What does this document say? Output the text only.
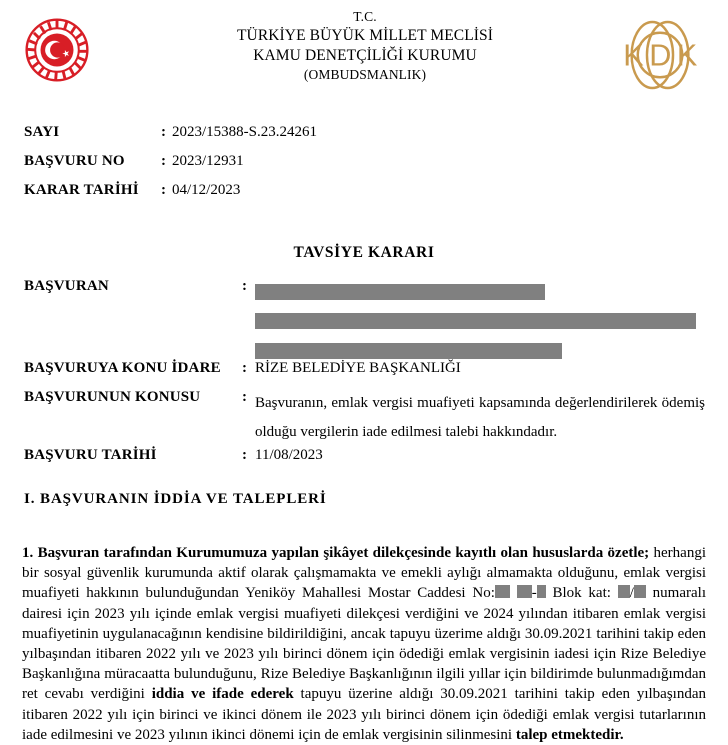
T.C.
TÜRKİYE BÜYÜK MİLLET MECLİSİ
KAMU DENETÇİLİĞİ KURUMU
(OMBUDSMANLIK)
K D K
SAYI	: 2023/15388-S.23.24261
BAŞVURU NO : 2023/12931
KARAR TARİHİ : 04/12/2023
TAVSİYE KARARI
BAŞVURAN	:
BAŞVURUYA KONU İDARE : RİZE BELEDİYE BAŞKANLIĞI
BAŞVURUNUN KONUSU	: Başvuranın, emlak vergisi muafiyeti kapsamında değerlendirilerek ödemiş olduğu vergilerin iade edilmesi talebi hakkındadır.
BAŞVURU TARİHİ	: 11/08/2023
I. BAŞVURANIN İDDİA VE TALEPLERİ

1. Başvuran tarafından Kurumumuza yapılan şikâyet dilekçesinde kayıtlı olan hususlarda özetle; herhangi bir sosyal güvenlik kurumunda aktif olarak çalışmamakta ve emekli aylığı almamakta olduğunu, emlak vergisi muafiyeti hakkının bulunduğundan Yeniköy Mahallesi Mostar Caddesi No: - Blok kat: / numaralı dairesi için 2023 yılı içinde emlak vergisi muafiyeti dilekçesi verdiğini ve 2024 yılından itibaren emlak vergisi muafiyetinin uygulanacağının kendisine bildirildiğini, ancak tapuyu üzerime aldığı 30.09.2021 tarihini takip eden yılbaşından itibaren 2022 yılı ve 2023 yılı birinci dönem için ödediği emlak vergisinin iadesi için Rize Belediye Başkanlığına müracaatta bulunduğunu, Rize Belediye Başkanlığının ilgili yıllar için bildirimde bulunmadığımdan ret cevabı verdiğini iddia ve ifade ederek tapuyu üzerine aldığı 30.09.2021 tarihini takip eden yılbaşından itibaren 2022 yılı için birinci ve ikinci dönem ile 2023 yılı birinci dönem için ödediği emlak vergisi tutarlarının iade edilmesini ve 2023 yılının ikinci dönemi için de emlak vergisinin silinmesini talep etmektedir.
